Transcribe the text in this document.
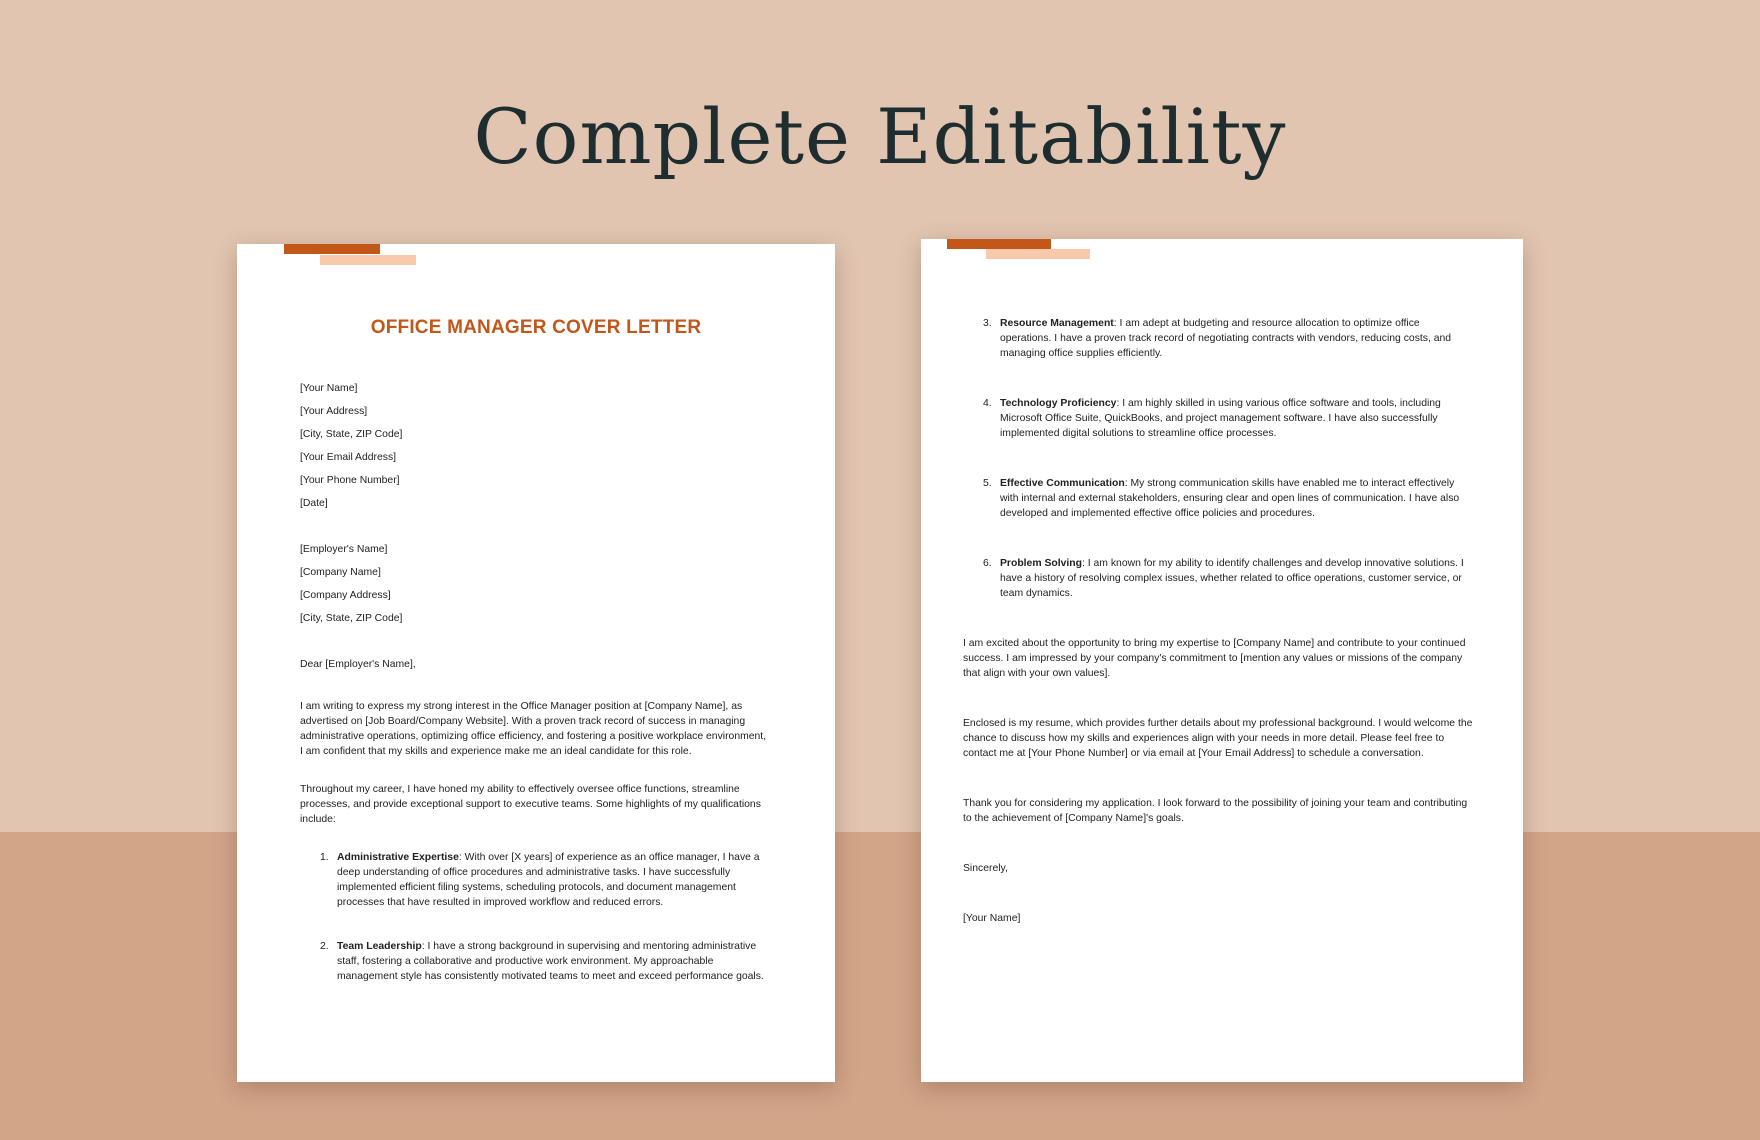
Complete Editability
OFFICE MANAGER COVER LETTER

[Your Name]

[Your Address]

[City, State, ZIP Code]

[Your Email Address]

[Your Phone Number]

[Date]

[Employer's Name]

[Company Name]

[Company Address]

[City, State, ZIP Code]

Dear [Employer's Name],

I am writing to express my strong interest in the Office Manager position at [Company Name], as advertised on [Job Board/Company Website]. With a proven track record of success in managing administrative operations, optimizing office efficiency, and fostering a positive workplace environment, I am confident that my skills and experience make me an ideal candidate for this role.

Throughout my career, I have honed my ability to effectively oversee office functions, streamline processes, and provide exceptional support to executive teams. Some highlights of my qualifications include:

1. Administrative Expertise: With over [X years] of experience as an office manager, I have a deep understanding of office procedures and administrative tasks. I have successfully implemented efficient filing systems, scheduling protocols, and document management processes that have resulted in improved workflow and reduced errors.
2. Team Leadership: I have a strong background in supervising and mentoring administrative staff, fostering a collaborative and productive work environment. My approachable management style has consistently motivated teams to meet and exceed performance goals.
3. Resource Management: I am adept at budgeting and resource allocation to optimize office operations. I have a proven track record of negotiating contracts with vendors, reducing costs, and managing office supplies efficiently.
4. Technology Proficiency: I am highly skilled in using various office software and tools, including Microsoft Office Suite, QuickBooks, and project management software. I have also successfully implemented digital solutions to streamline office processes.
5. Effective Communication: My strong communication skills have enabled me to interact effectively with internal and external stakeholders, ensuring clear and open lines of communication. I have also developed and implemented effective office policies and procedures.
6. Problem Solving: I am known for my ability to identify challenges and develop innovative solutions. I have a history of resolving complex issues, whether related to office operations, customer service, or team dynamics.

I am excited about the opportunity to bring my expertise to [Company Name] and contribute to your continued success. I am impressed by your company's commitment to [mention any values or missions of the company that align with your own values].

Enclosed is my resume, which provides further details about my professional background. I would welcome the chance to discuss how my skills and experiences align with your needs in more detail. Please feel free to contact me at [Your Phone Number] or via email at [Your Email Address] to schedule a conversation.

Thank you for considering my application. I look forward to the possibility of joining your team and contributing to the achievement of [Company Name]'s goals.

Sincerely,

[Your Name]
